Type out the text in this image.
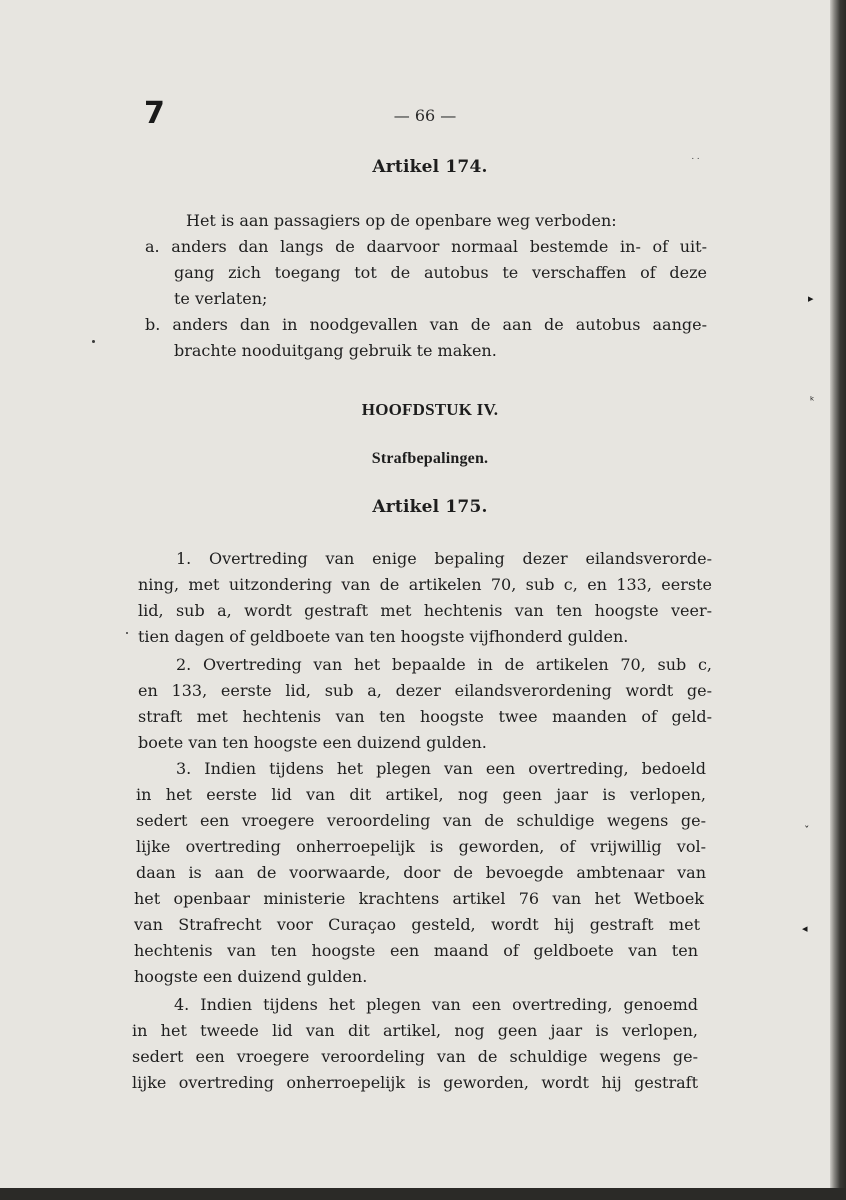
7	— 66 —

Artikel 174.

Het is aan passagiers op de openbare weg verboden:

a. anders dan langs de daarvoor normaal bestemde in- of uit-

gang zich toegang tot de autobus te verschaffen of deze

te verlaten;

b. anders dan in noodgevallen van de aan de autobus aange-

brachte nooduitgang gebruik te maken.

HOOFDSTUK IV.
Strafbepalingen.
Artikel 175.

1. Overtreding van enige bepaling dezer eilandsverorde-

ning, met uitzondering van de artikelen 70, sub c, en 133, eerste

lid, sub a, wordt gestraft met hechtenis van ten hoogste veer-

tien dagen of geldboete van ten hoogste vijfhonderd gulden.

2. Overtreding van het bepaalde in de artikelen 70, sub c,

en 133, eerste lid, sub a, dezer eilandsverordening wordt ge-

straft met hechtenis van ten hoogste twee maanden of geld-

boete van ten hoogste een duizend gulden.

3. Indien tijdens het plegen van een overtreding, bedoeld

in het eerste lid van dit artikel, nog geen jaar is verlopen,

sedert een vroegere veroordeling van de schuldige wegens ge-

lijke overtreding onherroepelijk is geworden, of vrijwillig vol-

daan is aan de voorwaarde, door de bevoegde ambtenaar van

het openbaar ministerie krachtens artikel 76 van het Wetboek

van Strafrecht voor Curaçao gesteld, wordt hij gestraft met

hechtenis van ten hoogste een maand of geldboete van ten

hoogste een duizend gulden.

4. Indien tijdens het plegen van een overtreding, genoemd

in het tweede lid van dit artikel, nog geen jaar is verlopen,

sedert een vroegere veroordeling van de schuldige wegens ge-

lijke overtreding onherroepelijk is geworden, wordt hij gestraft

˙˙
▸
ᵏ
ˇ
◂
